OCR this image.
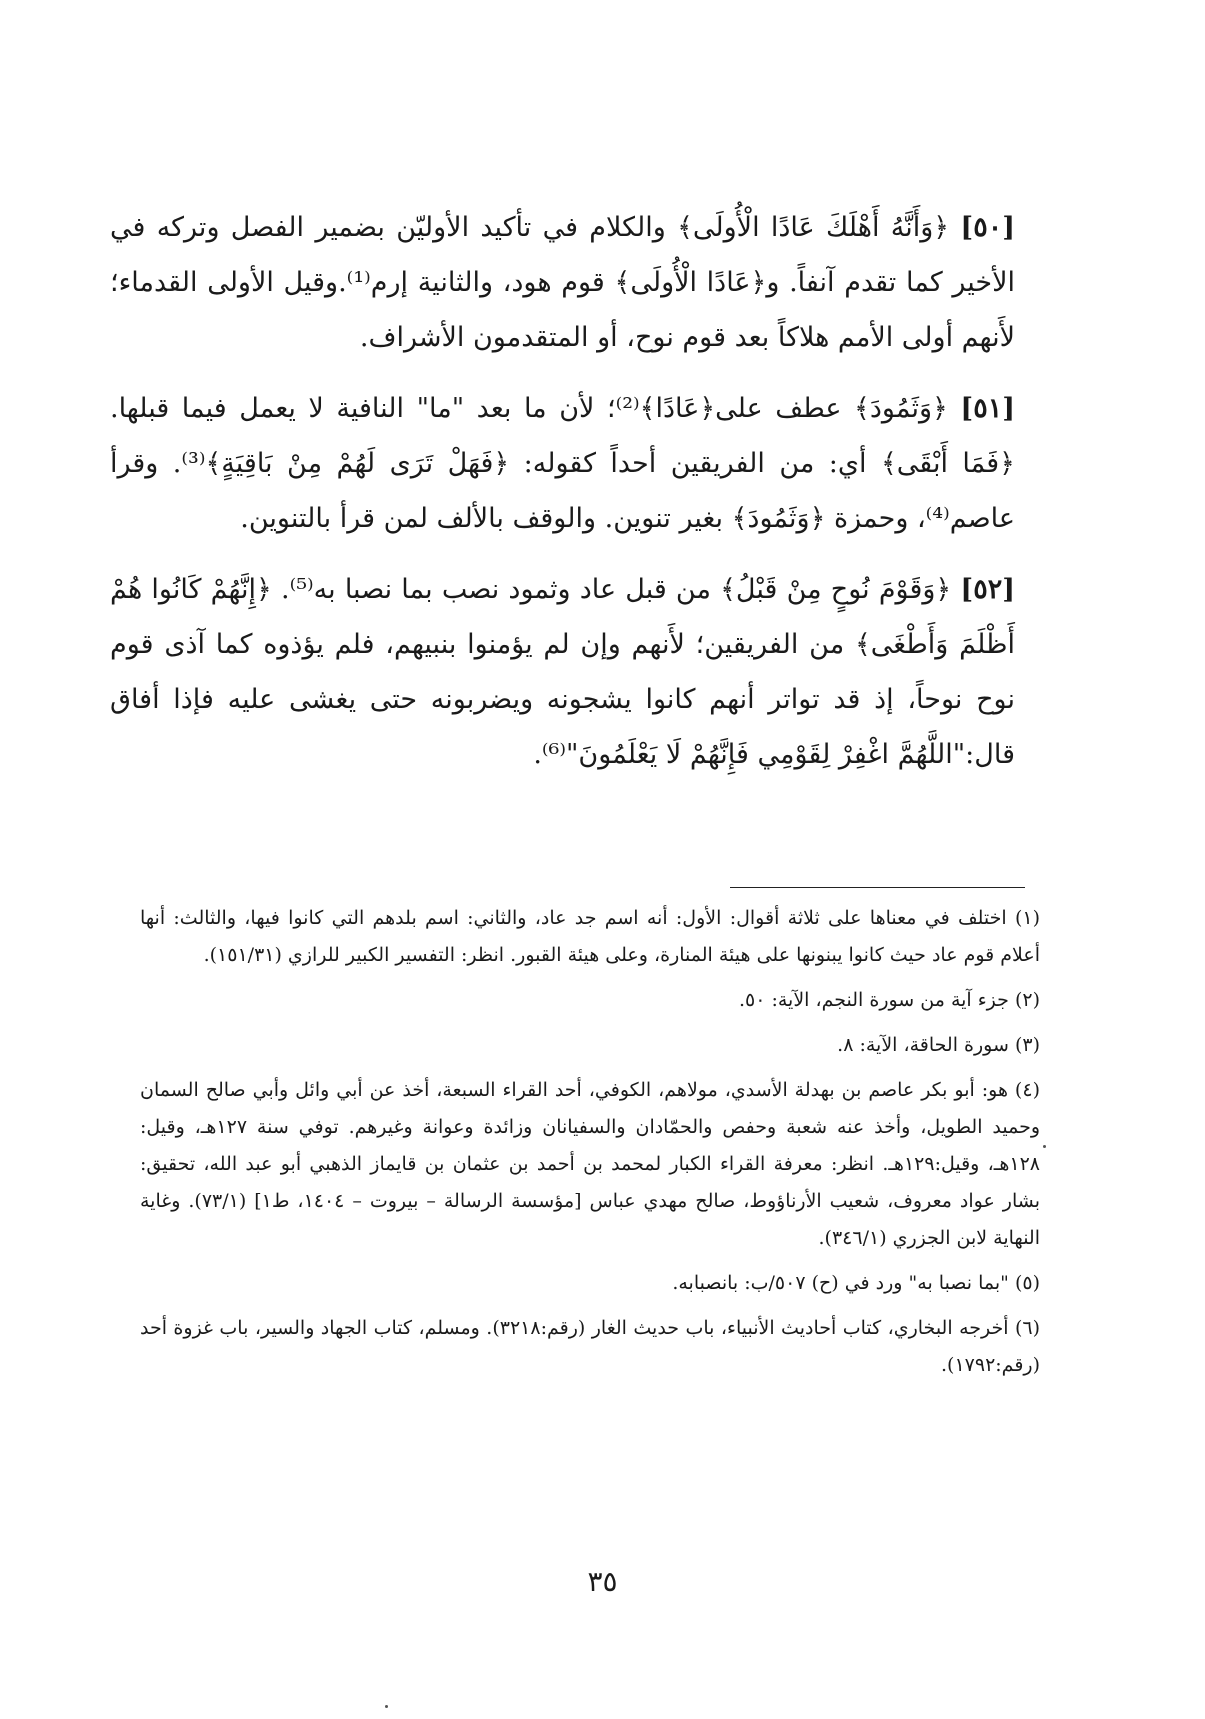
[٥٠] ﴿وَأَنَّهُ أَهْلَكَ عَادًا الْأُولَى﴾ والكلام في تأكيد الأوليّن بضمير الفصل وتركه في الأخير كما تقدم آنفاً. و﴿عَادًا الْأُولَى﴾ قوم هود، والثانية إرم⁽¹⁾.وقيل الأولى القدماء؛ لأَنهم أولى الأمم هلاكاً بعد قوم نوح، أو المتقدمون الأشراف.

[٥١] ﴿وَثَمُودَ﴾ عطف على﴿عَادًا﴾⁽²⁾؛ لأن ما بعد "ما" النافية لا يعمل فيما قبلها. ﴿فَمَا أَبْقَى﴾ أي: من الفريقين أحداً كقوله: ﴿فَهَلْ تَرَى لَهُمْ مِنْ بَاقِيَةٍ﴾⁽³⁾. وقرأ عاصم⁽⁴⁾، وحمزة ﴿وَثَمُودَ﴾ بغير تنوين. والوقف بالألف لمن قرأ بالتنوين.

[٥٢] ﴿وَقَوْمَ نُوحٍ مِنْ قَبْلُ﴾ من قبل عاد وثمود نصب بما نصبا به⁽⁵⁾. ﴿إِنَّهُمْ كَانُوا هُمْ أَظْلَمَ وَأَطْغَى﴾ من الفريقين؛ لأَنهم وإن لم يؤمنوا بنبيهم، فلم يؤذوه كما آذى قوم نوح نوحاً، إذ قد تواتر أنهم كانوا يشجونه ويضربونه حتى يغشى عليه فإذا أفاق قال:"اللَّهُمَّ اغْفِرْ لِقَوْمِي فَإِنَّهُمْ لَا يَعْلَمُونَ"⁽⁶⁾.

(١) اختلف في معناها على ثلاثة أقوال: الأول: أنه اسم جد عاد، والثاني: اسم بلدهم التي كانوا فيها، والثالث: أنها أعلام قوم عاد حيث كانوا يبنونها على هيئة المنارة، وعلى هيئة القبور. انظر: التفسير الكبير للرازي (١٥١/٣١).

(٢) جزء آية من سورة النجم، الآية: ٥٠.

(٣) سورة الحاقة، الآية: ٨.

(٤) هو: أبو بكر عاصم بن بهدلة الأسدي، مولاهم، الكوفي، أحد القراء السبعة، أخذ عن أبي وائل وأبي صالح السمان وحميد الطويل، وأخذ عنه شعبة وحفص والحمّادان والسفيانان وزائدة وعوانة وغيرهم. توفي سنة ١٢٧هـ، وقيل: ١٢٨هـ، وقيل:١٢٩هـ. انظر: معرفة القراء الكبار لمحمد بن أحمد بن عثمان بن قايماز الذهبي أبو عبد الله، تحقيق: بشار عواد معروف، شعيب الأرناؤوط، صالح مهدي عباس [مؤسسة الرسالة – بيروت – ١٤٠٤، ط١] (٧٣/١). وغاية النهاية لابن الجزري (٣٤٦/١).

(٥) "بما نصبا به" ورد في (ح) ٥٠٧/ب: بانصبابه.

(٦) أخرجه البخاري، كتاب أحاديث الأنبياء، باب حديث الغار (رقم:٣٢١٨). ومسلم، كتاب الجهاد والسير، باب غزوة أحد (رقم:١٧٩٢).

٣٥
